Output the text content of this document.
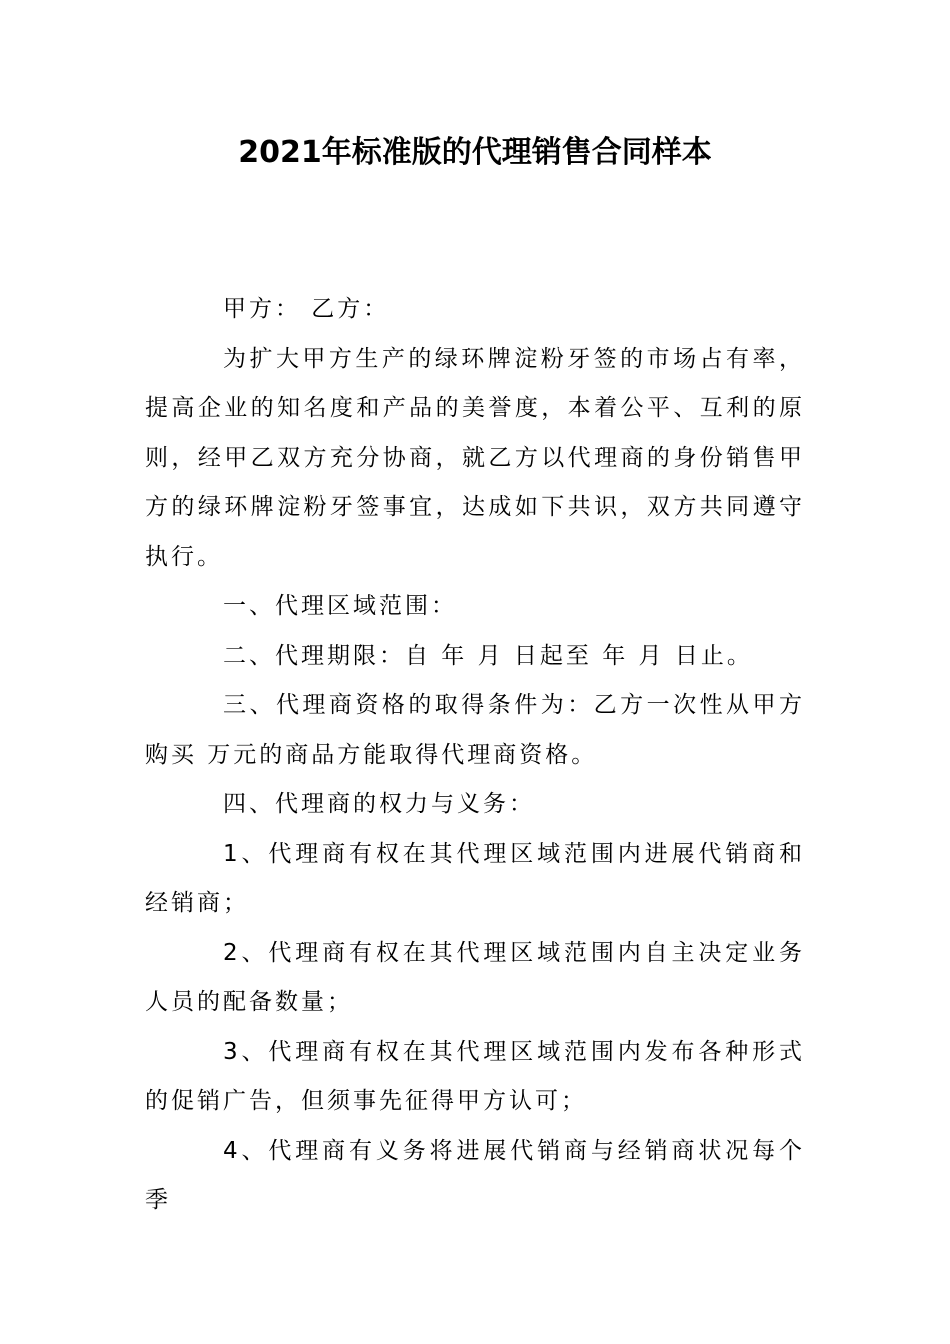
2021年标准版的代理销售合同样本

甲方： 乙方：

为扩大甲方生产的绿环牌淀粉牙签的市场占有率，提高企业的知名度和产品的美誉度，本着公平、互利的原则，经甲乙双方充分协商，就乙方以代理商的身份销售甲方的绿环牌淀粉牙签事宜，达成如下共识，双方共同遵守执行。

一、代理区域范围：

二、代理期限：自 年 月 日起至 年 月 日止。

三、代理商资格的取得条件为：乙方一次性从甲方购买 万元的商品方能取得代理商资格。

四、代理商的权力与义务：

1、代理商有权在其代理区域范围内进展代销商和经销商；

2、代理商有权在其代理区域范围内自主决定业务人员的配备数量；

3、代理商有权在其代理区域范围内发布各种形式的促销广告，但须事先征得甲方认可；

4、代理商有义务将进展代销商与经销商状况每个季
